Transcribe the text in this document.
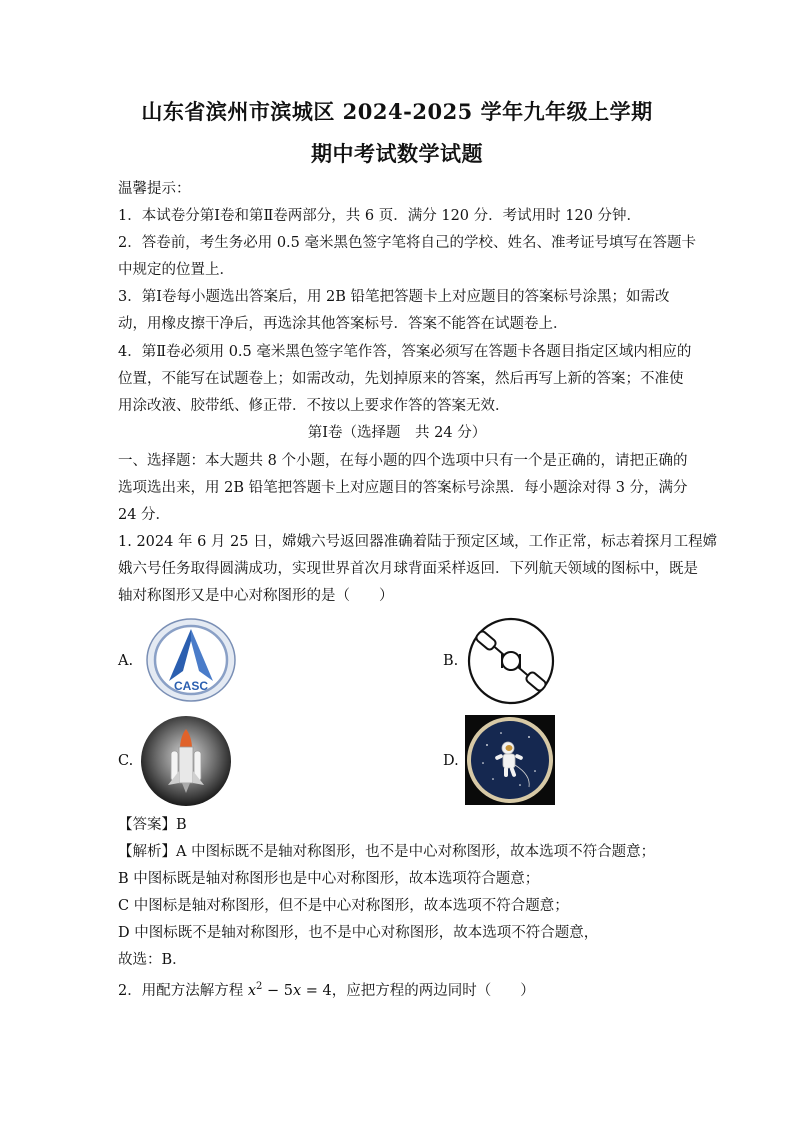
山东省滨州市滨城区 2024-2025 学年九年级上学期
期中考试数学试题
温馨提示：
1．本试卷分第Ⅰ卷和第Ⅱ卷两部分，共 6 页．满分 120 分．考试用时 120 分钟．
2．答卷前，考生务必用 0.5 毫米黑色签字笔将自己的学校、姓名、准考证号填写在答题卡
中规定的位置上．
3．第Ⅰ卷每小题选出答案后，用 2B 铅笔把答题卡上对应题目的答案标号涂黑；如需改
动，用橡皮擦干净后，再选涂其他答案标号．答案不能答在试题卷上．
4．第Ⅱ卷必须用 0.5 毫米黑色签字笔作答，答案必须写在答题卡各题目指定区域内相应的
位置，不能写在试题卷上；如需改动，先划掉原来的答案，然后再写上新的答案；不准使
用涂改液、胶带纸、修正带．不按以上要求作答的答案无效．
第Ⅰ卷（选择题　共 24 分）
一、选择题：本大题共 8 个小题，在每小题的四个选项中只有一个是正确的，请把正确的
选项选出来，用 2B 铅笔把答题卡上对应题目的答案标号涂黑．每小题涂对得 3 分，满分
24 分．
1. 2024 年 6 月 25 日，嫦娥六号返回器准确着陆于预定区域，工作正常，标志着探月工程嫦
娥六号任务取得圆满成功，实现世界首次月球背面采样返回．下列航天领域的图标中，既是
轴对称图形又是中心对称图形的是（　　）
A.
CASC
B.
C.	D.
【答案】B
【解析】A 中图标既不是轴对称图形，也不是中心对称图形，故本选项不符合题意；
B 中图标既是轴对称图形也是中心对称图形，故本选项符合题意；
C 中图标是轴对称图形，但不是中心对称图形，故本选项不符合题意；
D 中图标既不是轴对称图形，也不是中心对称图形，故本选项不符合题意，
故选：B．
2．用配方法解方程 $x^2 - 5x = 4$，应把方程的两边同时（　　）
